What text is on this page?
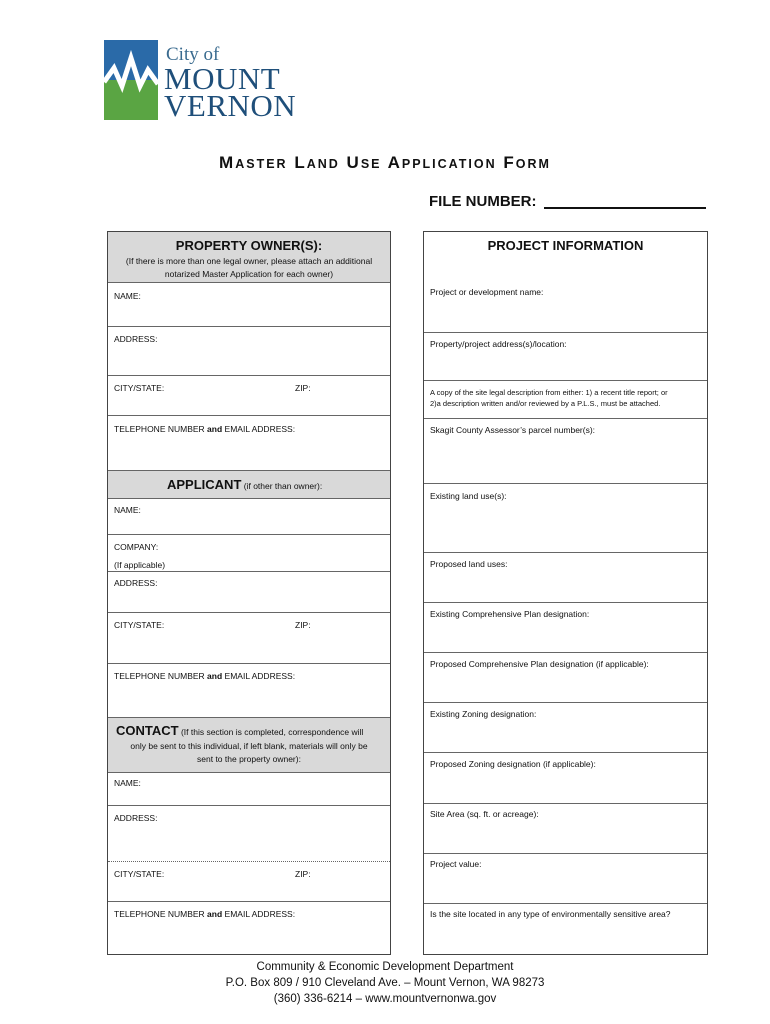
City of
MOUNT
VERNON
MASTER LAND USE APPLICATION FORM
FILE NUMBER:
PROPERTY OWNER(S):
(If there is more than one legal owner, please attach an additional notarized Master Application for each owner)
NAME:
ADDRESS:
CITY/STATE:	ZIP:
TELEPHONE NUMBER and EMAIL ADDRESS:
APPLICANT (if other than owner):
NAME:
COMPANY:
(If applicable)
ADDRESS:
CITY/STATE:	ZIP:
TELEPHONE NUMBER and EMAIL ADDRESS:
CONTACT (If this section is completed, correspondence will
only be sent to this individual, if left blank, materials will only be
sent to the property owner):
NAME:
ADDRESS:
CITY/STATE:	ZIP:
TELEPHONE NUMBER and EMAIL ADDRESS:
PROJECT INFORMATION
Project or development name:
Property/project address(s)/location:
A copy of the site legal description from either: 1) a recent title report; or
2)a description written and/or reviewed by a P.L.S., must be attached.
Skagit County Assessor’s parcel number(s):
Existing land use(s):
Proposed land uses:
Existing Comprehensive Plan designation:
Proposed Comprehensive Plan designation (if applicable):
Existing Zoning designation:
Proposed Zoning designation (if applicable):
Site Area (sq. ft. or acreage):
Project value:
Is the site located in any type of environmentally sensitive area?
Community & Economic Development Department
P.O. Box 809 / 910 Cleveland Ave. – Mount Vernon, WA 98273
(360) 336-6214 – www.mountvernonwa.gov
